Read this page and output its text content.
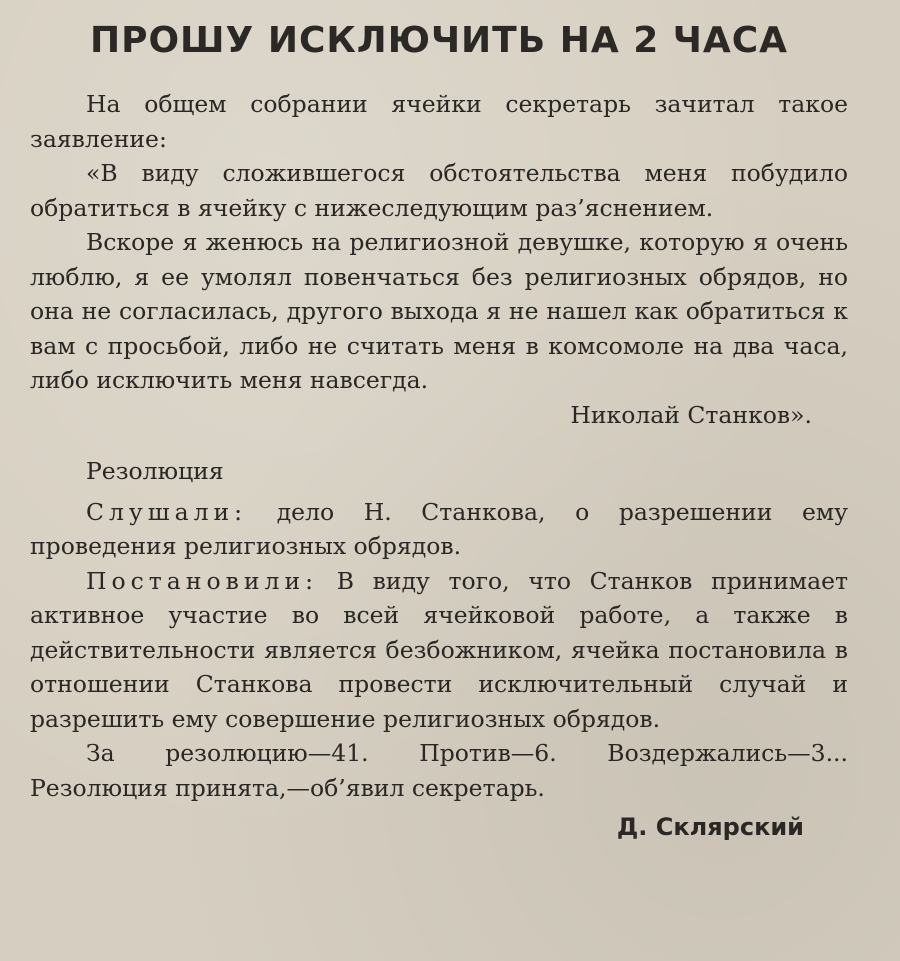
ПРОШУ ИСКЛЮЧИТЬ НА 2 ЧАСА

На общем собрании ячейки секретарь зачитал такое заявление:

«В виду сложившегося обстоятельства меня побудило обратиться в ячейку с нижеследующим раз’яснением.

Вскоре я женюсь на религиозной девушке, которую я очень люблю, я ее умолял повенчаться без религиозных обрядов, но она не согласилась, другого выхода я не нашел как обратиться к вам с просьбой, либо не считать меня в комсомоле на два часа, либо исключить меня навсегда.

Николай Станков».

Резолюция

Слушали: дело Н. Станкова, о разрешении ему проведения религиозных обрядов.

Постановили: В виду того, что Станков принимает активное участие во всей ячейковой работе, а также в действительности является безбожником, ячейка постановила в отношении Станкова провести исключительный случай и разрешить ему совершение религиозных обрядов.

За резолюцию—41. Против—6. Воздержались—3... Резолюция принята,—об’явил секретарь.

Д. Склярский
